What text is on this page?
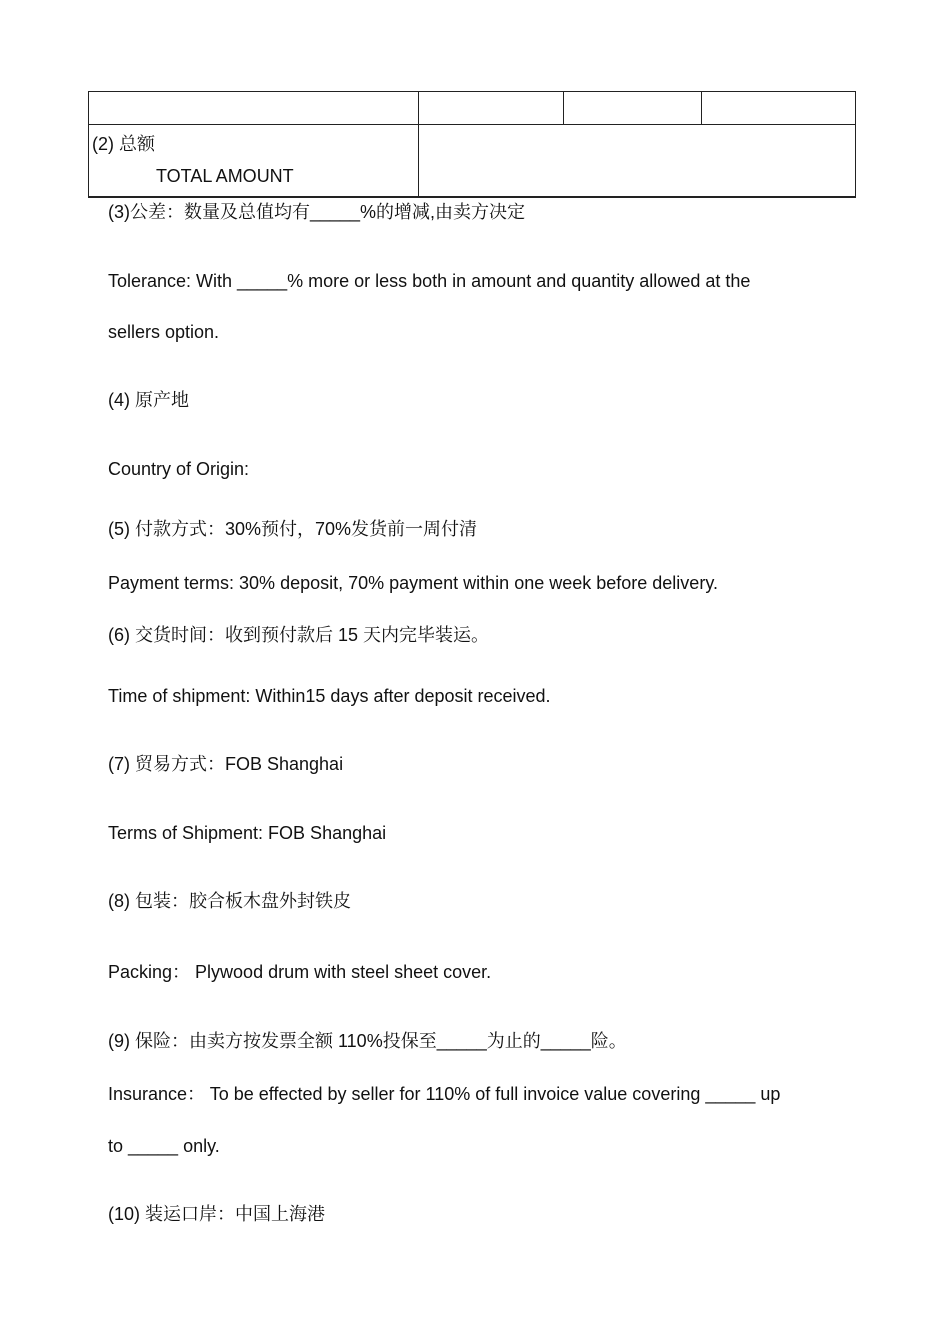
(2) 总额
TOTAL AMOUNT			

(3)公差：数量及总值均有_____%的增减,由卖方决定
Tolerance: With _____% more or less both in amount and quantity allowed at the
sellers option.
(4) 原产地
Country of Origin:
(5) 付款方式：30%预付，70%发货前一周付清
Payment terms: 30% deposit, 70% payment within one week before delivery.
(6) 交货时间：收到预付款后 15 天内完毕装运。
Time of shipment: Within15 days after deposit received.
(7) 贸易方式：FOB Shanghai
Terms of Shipment: FOB Shanghai
(8) 包装：胶合板木盘外封铁皮
Packing： Plywood drum with steel sheet cover.
(9) 保险：由卖方按发票全额 110%投保至_____为止的_____险。
Insurance： To be effected by seller for 110% of full invoice value covering _____ up
to _____ only.
(10) 装运口岸：中国上海港
